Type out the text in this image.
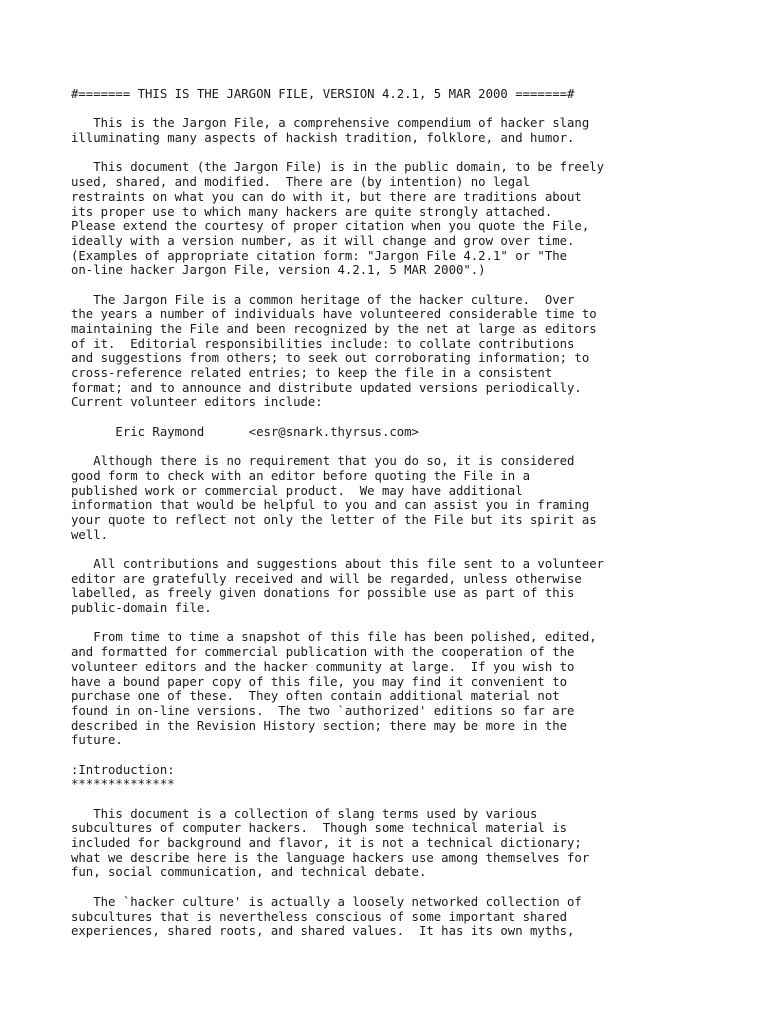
#======= THIS IS THE JARGON FILE, VERSION 4.2.1, 5 MAR 2000 =======#
This is the Jargon File, a comprehensive compendium of hacker slang
illuminating many aspects of hackish tradition, folklore, and humor.
This document (the Jargon File) is in the public domain, to be freely
used, shared, and modified.  There are (by intention) no legal
restraints on what you can do with it, but there are traditions about
its proper use to which many hackers are quite strongly attached.
Please extend the courtesy of proper citation when you quote the File,
ideally with a version number, as it will change and grow over time.
(Examples of appropriate citation form: "Jargon File 4.2.1" or "The
on-line hacker Jargon File, version 4.2.1, 5 MAR 2000".)
The Jargon File is a common heritage of the hacker culture.  Over
the years a number of individuals have volunteered considerable time to
maintaining the File and been recognized by the net at large as editors
of it.  Editorial responsibilities include: to collate contributions
and suggestions from others; to seek out corroborating information; to
cross-reference related entries; to keep the file in a consistent
format; and to announce and distribute updated versions periodically.
Current volunteer editors include:
Eric Raymond      <esr@snark.thyrsus.com>
Although there is no requirement that you do so, it is considered
good form to check with an editor before quoting the File in a
published work or commercial product.  We may have additional
information that would be helpful to you and can assist you in framing
your quote to reflect not only the letter of the File but its spirit as
well.
All contributions and suggestions about this file sent to a volunteer
editor are gratefully received and will be regarded, unless otherwise
labelled, as freely given donations for possible use as part of this
public-domain file.
From time to time a snapshot of this file has been polished, edited,
and formatted for commercial publication with the cooperation of the
volunteer editors and the hacker community at large.  If you wish to
have a bound paper copy of this file, you may find it convenient to
purchase one of these.  They often contain additional material not
found in on-line versions.  The two `authorized' editions so far are
described in the Revision History section; there may be more in the
future.
:Introduction:
**************
This document is a collection of slang terms used by various
subcultures of computer hackers.  Though some technical material is
included for background and flavor, it is not a technical dictionary;
what we describe here is the language hackers use among themselves for
fun, social communication, and technical debate.
The `hacker culture' is actually a loosely networked collection of
subcultures that is nevertheless conscious of some important shared
experiences, shared roots, and shared values.  It has its own myths,
